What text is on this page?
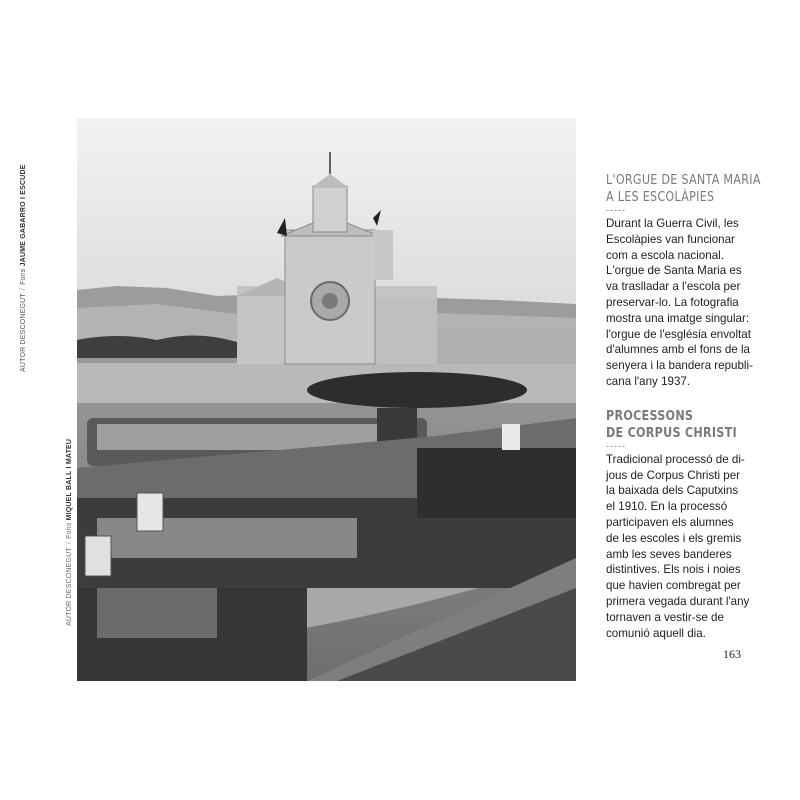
AUTOR DESCONEGUT/Fons JAUME GABARRO I ESCUDE
AUTOR DESCONEGUT/Fons MIQUEL BALL I MATEU
L'ORGUE DE SANTA MARIA
A LES ESCOLÀPIES
-----

Durant la Guerra Civil, les
Escolàpies van funcionar
com a escola nacional.
L'orgue de Santa Maria es
va traslladar a l'escola per
preservar-lo. La fotografia
mostra una imatge singular:
l'orgue de l'església envoltat
d'alumnes amb el fons de la
senyera i la bandera republi-
cana l'any 1937.

PROCESSONS
DE CORPUS CHRISTI
-----

Tradicional processó de di-
jous de Corpus Christi per
la baixada dels Caputxins
el 1910. En la processó
participaven els alumnes
de les escoles i els gremis
amb les seves banderes
distintives. Els nois i noies
que havien combregat per
primera vegada durant l'any
tornaven a vestir-se de
comunió aquell dia.

163
